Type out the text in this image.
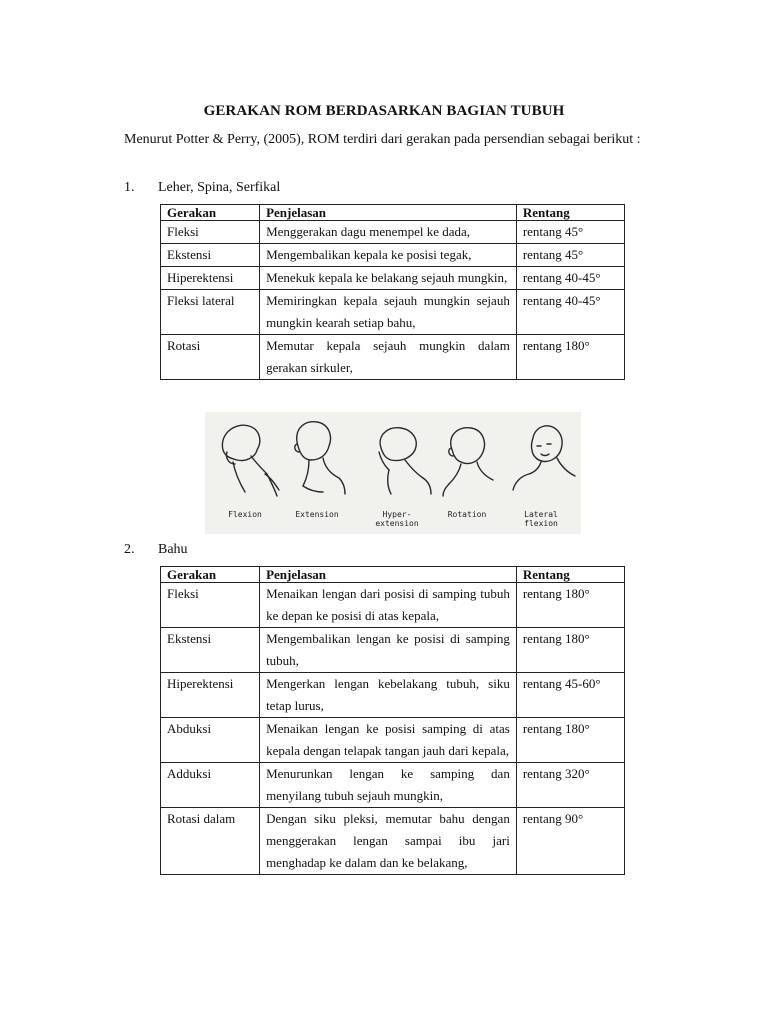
GERAKAN ROM BERDASARKAN BAGIAN TUBUH
Menurut Potter & Perry, (2005), ROM terdiri dari gerakan pada persendian sebagai berikut :
1. Leher, Spina, Serfikal
Gerakan	Penjelasan	Rentang
Fleksi	Menggerakan dagu menempel ke dada,	rentang 45°
Ekstensi	Mengembalikan kepala ke posisi tegak,	rentang 45°
Hiperektensi	Menekuk kepala ke belakang sejauh mungkin,	rentang 40-45°
Fleksi lateral	Memiringkan kepala sejauh mungkin sejauh mungkin kearah setiap bahu,	rentang 40-45°
Rotasi	Memutar kepala sejauh mungkin dalam gerakan sirkuler,	rentang 180°
Flexion	Extension	Hyper-
extension
Rotation	Lateral
flexion
2. Bahu
Gerakan	Penjelasan	Rentang
Fleksi	Menaikan lengan dari posisi di samping tubuh ke depan ke posisi di atas kepala,	rentang 180°
Ekstensi	Mengembalikan lengan ke posisi di samping tubuh,	rentang 180°
Hiperektensi	Mengerkan lengan kebelakang tubuh, siku tetap lurus,	rentang 45-60°
Abduksi	Menaikan lengan ke posisi samping di atas kepala dengan telapak tangan jauh dari kepala,	rentang 180°
Adduksi	Menurunkan lengan ke samping dan menyilang tubuh sejauh mungkin,	rentang 320°
Rotasi dalam	Dengan siku pleksi, memutar bahu dengan menggerakan lengan sampai ibu jari menghadap ke dalam dan ke belakang,	rentang 90°
